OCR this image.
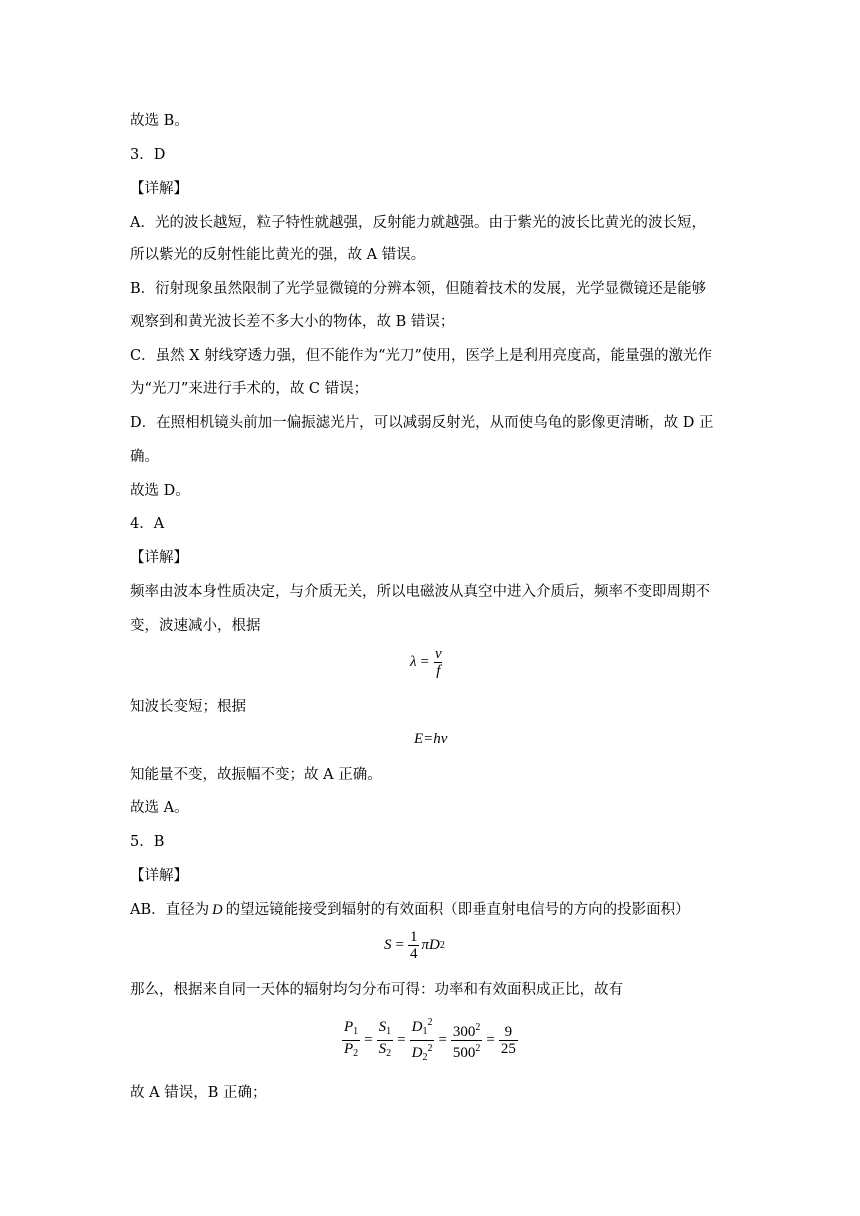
故选 B。
3．D
【详解】
A．光的波长越短，粒子特性就越强，反射能力就越强。由于紫光的波长比黄光的波长短，
所以紫光的反射性能比黄光的强，故 A 错误。
B．衍射现象虽然限制了光学显微镜的分辨本领，但随着技术的发展，光学显微镜还是能够
观察到和黄光波长差不多大小的物体，故 B 错误；
C．虽然 X 射线穿透力强，但不能作为“光刀”使用，医学上是利用亮度高，能量强的激光作
为“光刀”来进行手术的，故 C 错误；
D．在照相机镜头前加一偏振滤光片，可以减弱反射光，从而使乌龟的影像更清晰，故 D 正
确。
故选 D。
4．A
【详解】
频率由波本身性质决定，与介质无关，所以电磁波从真空中进入介质后，频率不变即周期不
变，波速减小，根据
$\lambda = \frac{v}{f}$
知波长变短；根据
E=hν
知能量不变，故振幅不变；故 A 正确。
故选 A。
5．B
【详解】
AB．直径为 D 的望远镜能接受到辐射的有效面积（即垂直射电信号的方向的投影面积）
$S = \frac{1}{4}$ πD 2
那么，根据来自同一天体的辐射均匀分布可得：功率和有效面积成正比，故有
$\frac{P_1}{P_2} = \frac{S_1}{S_2} = \frac{D_1^2}{D_2^2} = \frac{300^2}{500^2} = \frac{9}{25}$
故 A 错误，B 正确；
